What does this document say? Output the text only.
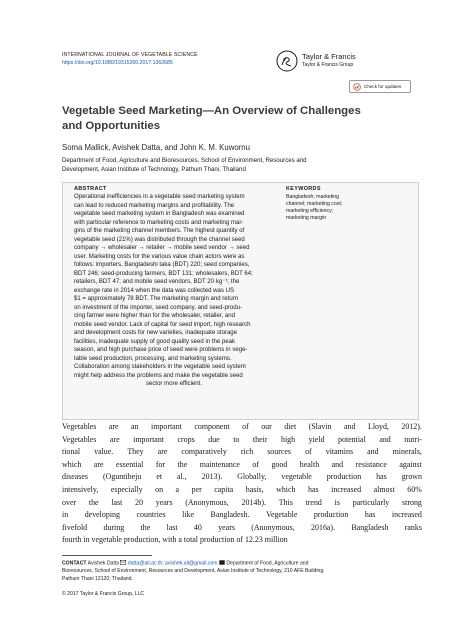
INTERNATIONAL JOURNAL OF VEGETABLE SCIENCE
https://doi.org/10.1080/19315260.2017.1362685
Taylor & Francis
Taylor & Francis Group
Check for updates
Vegetable Seed Marketing—An Overview of Challenges
and Opportunities
Soma Mallick, Avishek Datta, and John K. M. Kuwornu
Department of Food, Agriculture and Bioresources, School of Environment, Resources and
Development, Asian Institute of Technology, Pathum Thani, Thailand
ABSTRACT
Operational inefficiencies in a vegetable seed marketing system
can lead to reduced marketing margins and profitability. The
vegetable seed marketing system in Bangladesh was examined
with particular reference to marketing costs and marketing mar-
gins of the marketing channel members. The highest quantity of
vegetable seed (21%) was distributed through the channel seed
company → wholesaler → retailer → mobile seed vendor → seed
user. Marketing costs for the various value chain actors were as
follows: importers, Bangladeshi taka (BDT) 220; seed companies,
BDT 246; seed-producing farmers, BDT 131; wholesalers, BDT 64;
retailers, BDT 47; and mobile seed vendors, BDT 20·kg⁻¹; the
exchange rate in 2014 when the data was collected was US
$1 = approximately 78 BDT. The marketing margin and return
on investment of the importer, seed company, and seed-produ-
cing farmer were higher than for the wholesaler, retailer, and
mobile seed vendor. Lack of capital for seed import, high research
and development costs for new varieties, inadequate storage
facilities, inadequate supply of good quality seed in the peak
season, and high purchase price of seed were problems in vege-
table seed production, processing, and marketing systems.
Collaboration among stakeholders in the vegetable seed system
might help address the problems and make the vegetable seed
sector more efficient.
KEYWORDS
Bangladesh; marketing
channel; marketing cost;
marketing efficiency;
marketing margin
Vegetables are an important component of our diet (Slavin and Lloyd, 2012).
Vegetables are important crops due to their high yield potential and nutri-
tional value. They are comparatively rich sources of vitamins and minerals,
which are essential for the maintenance of good health and resistance against
diseases (Oguntibeju et al., 2013). Globally, vegetable production has grown
intensively, especially on a per capita basis, which has increased almost 60%
over the last 20 years (Anonymous, 2014b). This trend is particularly strong
in developing countries like Bangladesh. Vegetable production has increased
fivefold during the last 40 years (Anonymous, 2016a). Bangladesh ranks
fourth in vegetable production, with a total production of 12.23 million
CONTACT Avishek Datta datta@ait.ac.th; avishek.ait@gmail.com Department of Food, Agriculture and
Bioresources, School of Environment, Resources and Development, Asian Institute of Technology, 210 AFE Building,
Pathum Thani 12120, Thailand.
© 2017 Taylor & Francis Group, LLC
